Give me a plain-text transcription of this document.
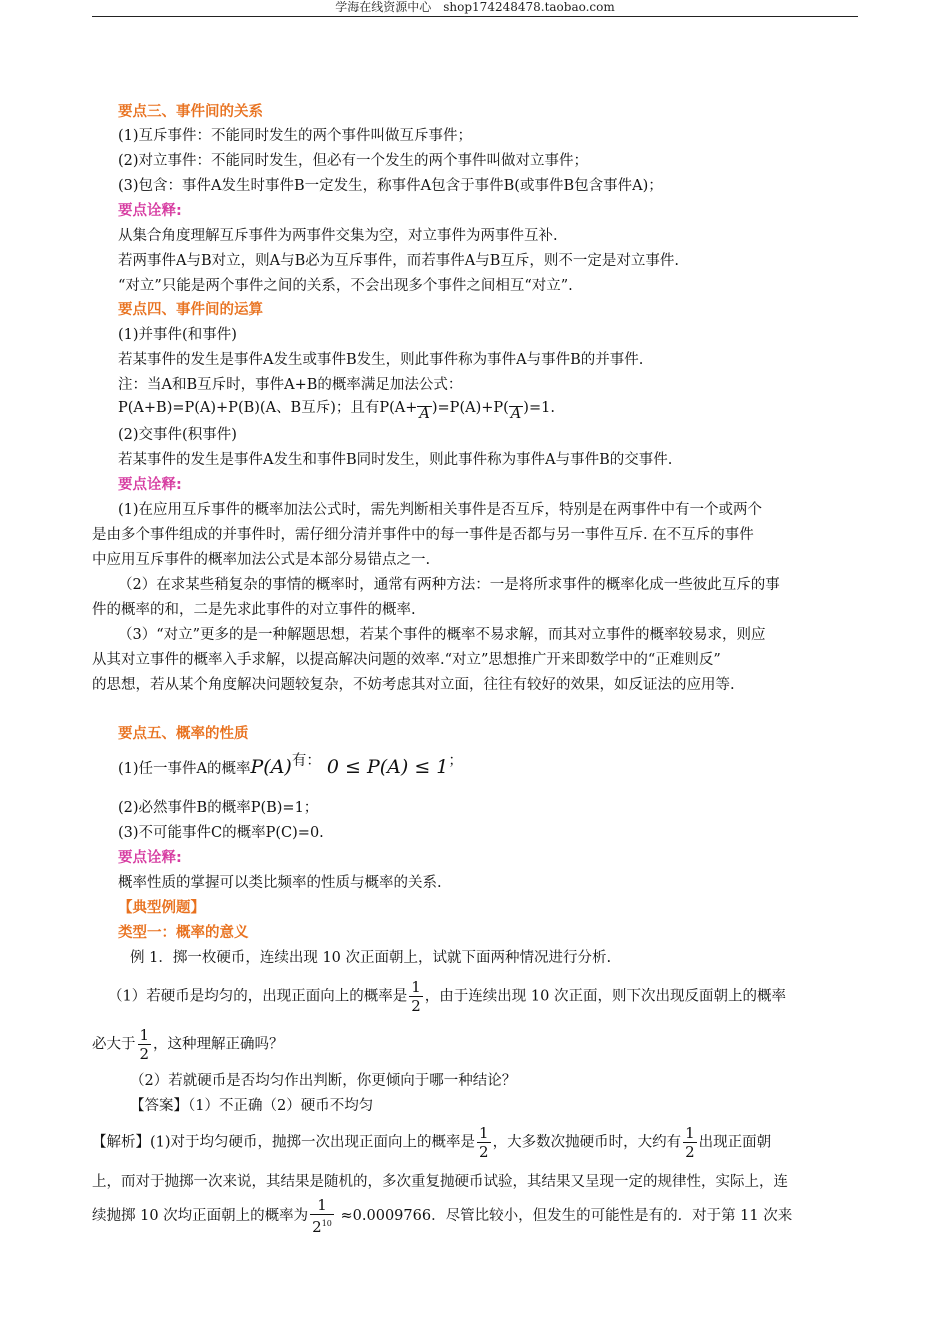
学海在线资源中心 shop174248478.taobao.com
要点三、事件间的关系
(1)互斥事件：不能同时发生的两个事件叫做互斥事件；
(2)对立事件：不能同时发生，但必有一个发生的两个事件叫做对立事件；
(3)包含：事件A发生时事件B一定发生，称事件A包含于事件B(或事件B包含事件A)；
要点诠释:
从集合角度理解互斥事件为两事件交集为空，对立事件为两事件互补.
若两事件A与B对立，则A与B必为互斥事件，而若事件A与B互斥，则不一定是对立事件.
“对立”只能是两个事件之间的关系，不会出现多个事件之间相互“对立”.
要点四、事件间的运算
(1)并事件(和事件)
若某事件的发生是事件A发生或事件B发生，则此事件称为事件A与事件B的并事件.
注：当A和B互斥时，事件A+B的概率满足加法公式：
P(A+B)=P(A)+P(B)(A、B互斥)；且有P(A+ A )=P(A)+P( A )=1.
(2)交事件(积事件)
若某事件的发生是事件A发生和事件B同时发生，则此事件称为事件A与事件B的交事件.
要点诠释:
(1)在应用互斥事件的概率加法公式时，需先判断相关事件是否互斥，特别是在两事件中有一个或两个
是由多个事件组成的并事件时，需仔细分清并事件中的每一事件是否都与另一事件互斥. 在不互斥的事件
中应用互斥事件的概率加法公式是本部分易错点之一.
（2）在求某些稍复杂的事情的概率时，通常有两种方法：一是将所求事件的概率化成一些彼此互斥的事
件的概率的和，二是先求此事件的对立事件的概率.
（3）“对立”更多的是一种解题思想，若某个事件的概率不易求解，而其对立事件的概率较易求，则应
从其对立事件的概率入手求解，以提高解决问题的效率.“对立”思想推广开来即数学中的“正难则反”
的思想，若从某个角度解决问题较复杂，不妨考虑其对立面，往往有较好的效果，如反证法的应用等.
要点五、概率的性质
(1)任一事件A的概率P(A)有： 0 ≤ P(A) ≤ 1；
(2)必然事件B的概率P(B)=1；
(3)不可能事件C的概率P(C)=0.
要点诠释:
概率性质的掌握可以类比频率的性质与概率的关系.
【典型例题】
类型一：概率的意义
例 1．掷一枚硬币，连续出现 10 次正面朝上，试就下面两种情况进行分析.
（1）若硬币是均匀的，出现正面向上的概率是 $\frac{1}{2}$ ，由于连续出现 10 次正面，则下次出现反面朝上的概率
必大于 $\frac{1}{2}$ ，这种理解正确吗？
（2）若就硬币是否均匀作出判断，你更倾向于哪一种结论？
【答案】（1）不正确（2）硬币不均匀
【解析】(1)对于均匀硬币，抛掷一次出现正面向上的概率是 $\frac{1}{2}$ ，大多数次抛硬币时，大约有 $\frac{1}{2}$ 出现正面朝
上，而对于抛掷一次来说，其结果是随机的，多次重复抛硬币试验，其结果又呈现一定的规律性，实际上，连
续抛掷 10 次均正面朝上的概率为 $\frac{1}{2^{10}} \approx 0.0009766$．尽管比较小，但发生的可能性是有的．对于第 11 次来
